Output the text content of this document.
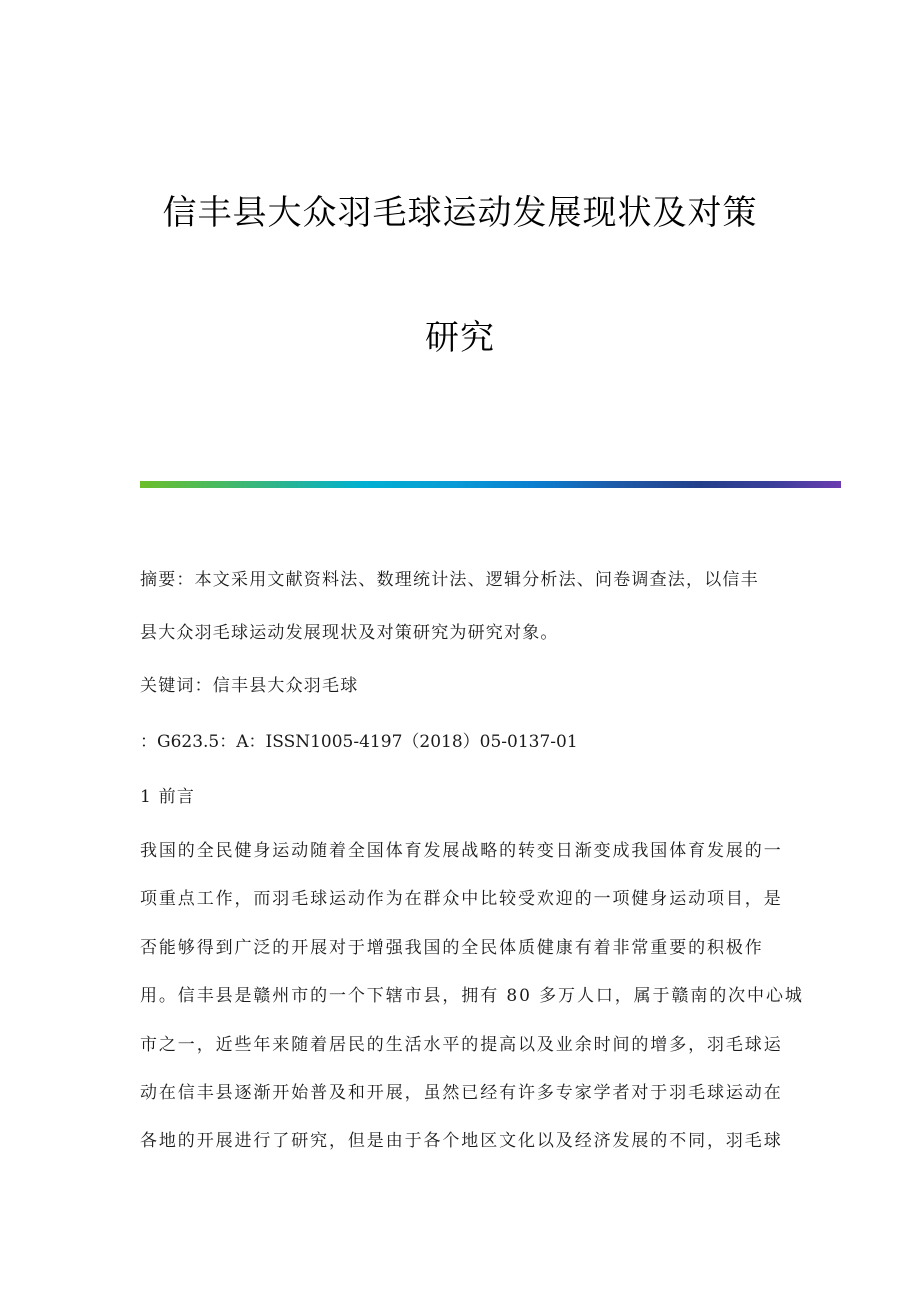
信丰县大众羽毛球运动发展现状及对策
研究
摘要：本文采用文献资料法、数理统计法、逻辑分析法、问卷调查法，以信丰
县大众羽毛球运动发展现状及对策研究为研究对象。
关键词：信丰县大众羽毛球
：G623.5：A：ISSN1005-4197（2018）05-0137-01
1 前言
我国的全民健身运动随着全国体育发展战略的转变日渐变成我国体育发展的一
项重点工作，而羽毛球运动作为在群众中比较受欢迎的一项健身运动项目，是
否能够得到广泛的开展对于增强我国的全民体质健康有着非常重要的积极作
用。信丰县是赣州市的一个下辖市县，拥有 80 多万人口，属于赣南的次中心城
市之一，近些年来随着居民的生活水平的提高以及业余时间的增多，羽毛球运
动在信丰县逐渐开始普及和开展，虽然已经有许多专家学者对于羽毛球运动在
各地的开展进行了研究，但是由于各个地区文化以及经济发展的不同，羽毛球
